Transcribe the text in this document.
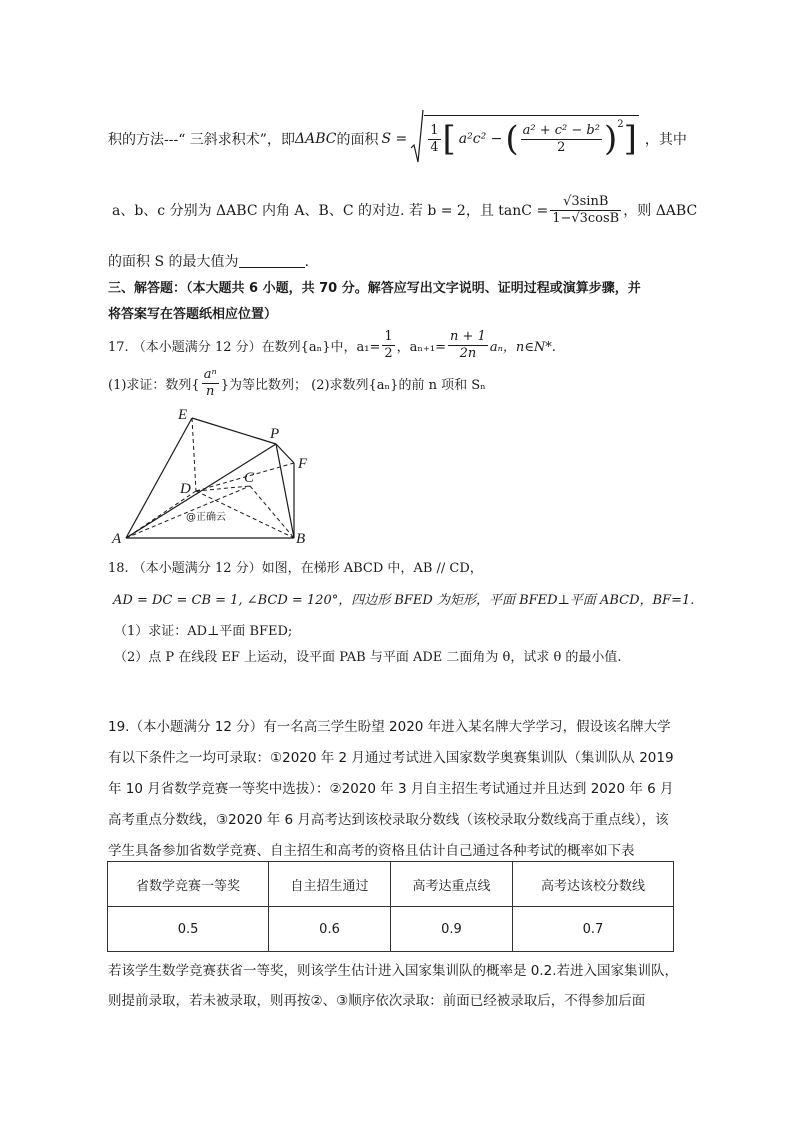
积的方法---“ 三斜求积术”，即 ΔABC 的面积 $S = \frac{1}{4}$ [ a²c² − ( $\frac{\text{a² + c² − b²}}{2} )^2$ ] ，其中
a、b、c 分别为 ΔABC 内角 A、B、C 的对边. 若 b = 2，且 $\tan C = \frac{√3\sin B}{1-√3\cos B}$ ，则 ΔABC
的面积 S 的最大值为	.
三、解答题：（本大题共 6 小题，共 70 分。解答应写出文字说明、证明过程或演算步骤，并
将答案写在答题纸相应位置）
17. （本小题满分 12 分）在数列{aₙ}中，$a_1= \frac{1}{2}$ ，$a_{n+1}= \frac{n + 1}{2n}$ aₙ，n∈N*.
(1)求证：数列{ $\frac{\text{aⁿ}}{n}$ }为等比数列； (2)求数列{aₙ}的前 n 项和 Sₙ
E
P
F
D
C
A	B
@正确云
18. （本小题满分 12 分）如图，在梯形 ABCD 中，AB // CD，
AD = DC = CB = 1, ∠BCD = 120°，四边形 BFED 为矩形，平面 BFED⊥平面 ABCD，BF=1.
（1）求证：AD⊥平面 BFED;
（2）点 P 在线段 EF 上运动，设平面 PAB 与平面 ADE 二面角为 θ，试求 θ 的最小值.
19.（本小题满分 12 分）有一名高三学生盼望 2020 年进入某名牌大学学习，假设该名牌大学
有以下条件之一均可录取：①2020 年 2 月通过考试进入国家数学奥赛集训队（集训队从 2019
年 10 月省数学竞赛一等奖中选拔）：②2020 年 3 月自主招生考试通过并且达到 2020 年 6 月
高考重点分数线，③2020 年 6 月高考达到该校录取分数线（该校录取分数线高于重点线），该
学生具备参加省数学竞赛、自主招生和高考的资格且估计自己通过各种考试的概率如下表
省数学竞赛一等奖	自主招生通过	高考达重点线	高考达该校分数线
0.5	0.6	0.9	0.7
若该学生数学竞赛获省一等奖，则该学生估计进入国家集训队的概率是 0.2.若进入国家集训队，
则提前录取，若未被录取，则再按②、③顺序依次录取：前面已经被录取后，不得参加后面
